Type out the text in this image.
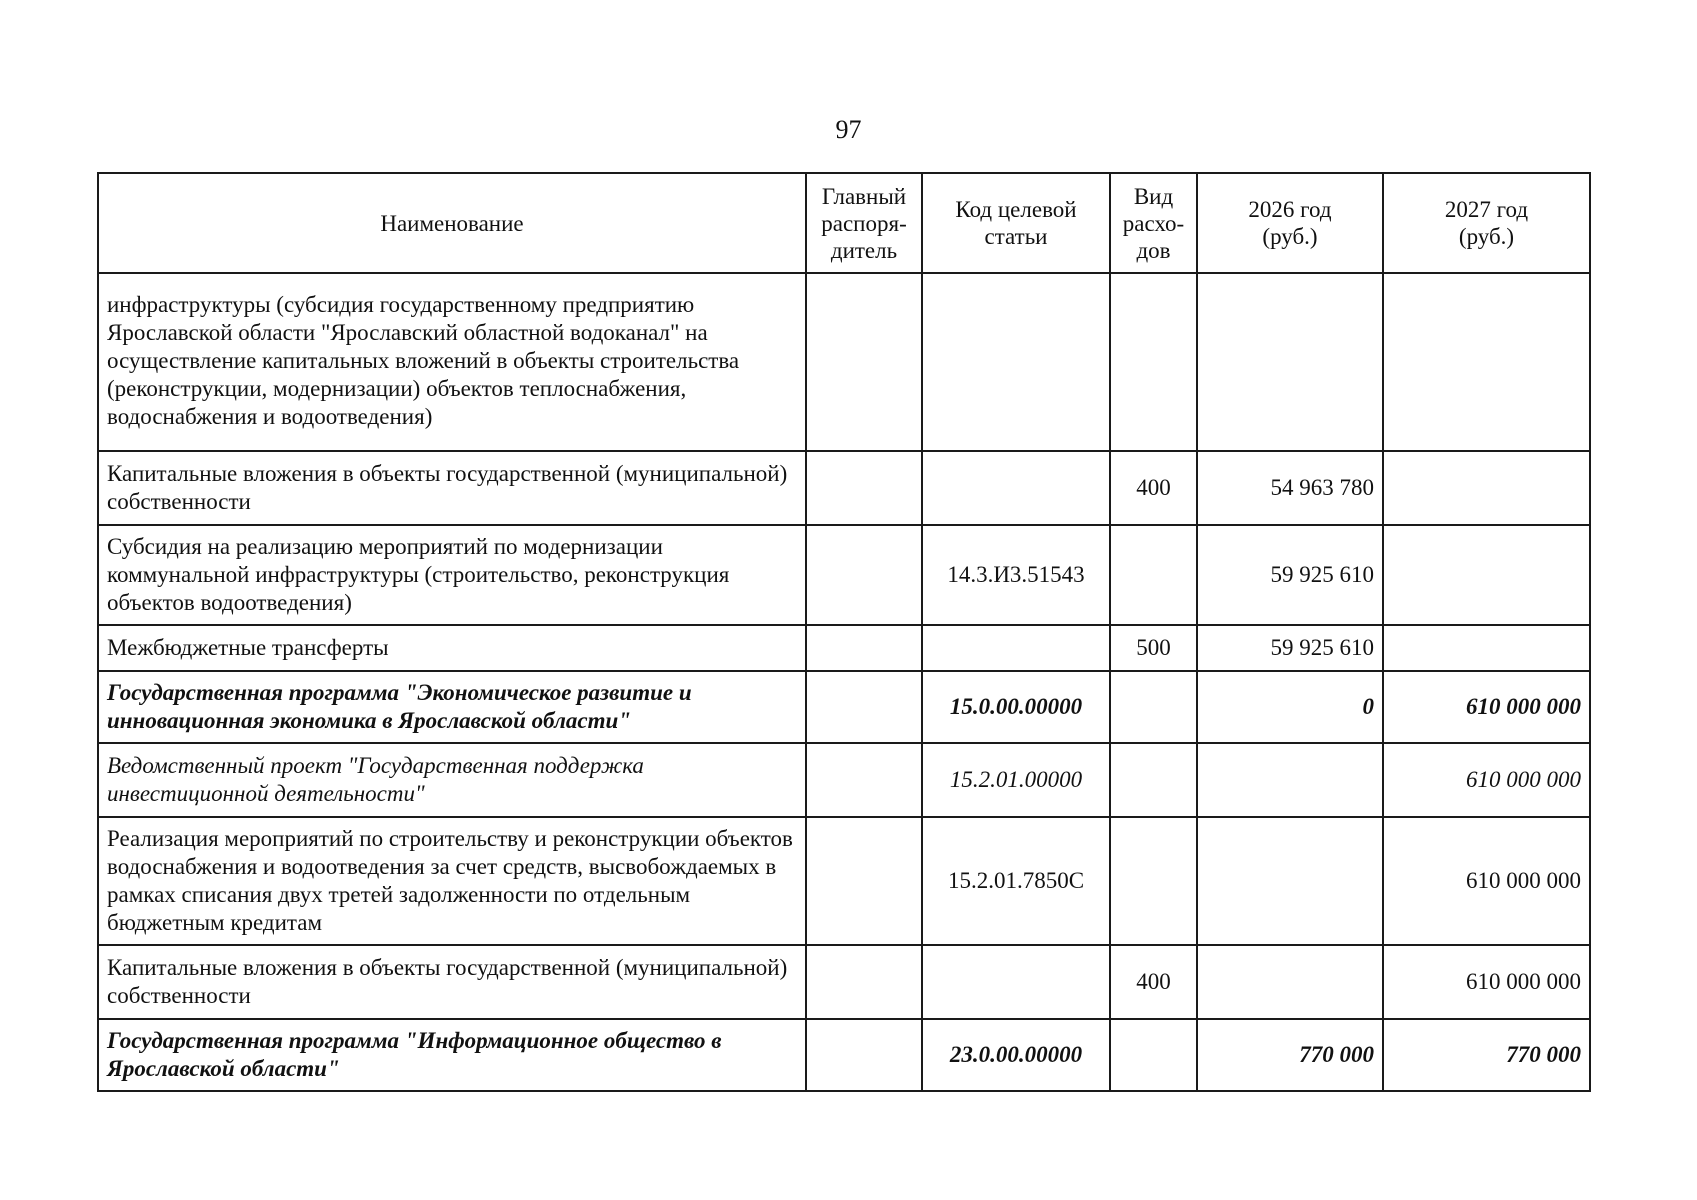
97
Наименование	Главный
распоря-
дитель	Код целевой
статьи	Вид
расхо-
дов	2026 год
(руб.)	2027 год
(руб.)

инфраструктуры (субсидия государственному предприятию Ярославской области "Ярославский областной водоканал" на осуществление капитальных вложений в объекты строительства (реконструкции, модернизации) объектов теплоснабжения, водоснабжения и водоотведения)					
Капитальные вложения в объекты государственной (муниципальной) собственности			400	54 963 780	
Субсидия на реализацию мероприятий по модернизации коммунальной инфраструктуры (строительство, реконструкция объектов водоотведения)		14.3.И3.51543		59 925 610	
Межбюджетные трансферты			500	59 925 610	
Государственная программа "Экономическое развитие и инновационная экономика в Ярославской области"		15.0.00.00000		0	610 000 000
Ведомственный проект "Государственная поддержка инвестиционной деятельности"		15.2.01.00000			610 000 000
Реализация мероприятий по строительству и реконструкции объектов водоснабжения и водоотведения за счет средств, высвобождаемых в рамках списания двух третей задолженности по отдельным бюджетным кредитам		15.2.01.7850С			610 000 000
Капитальные вложения в объекты государственной (муниципальной) собственности			400		610 000 000
Государственная программа "Информационное общество в Ярославской области"		23.0.00.00000		770 000	770 000
